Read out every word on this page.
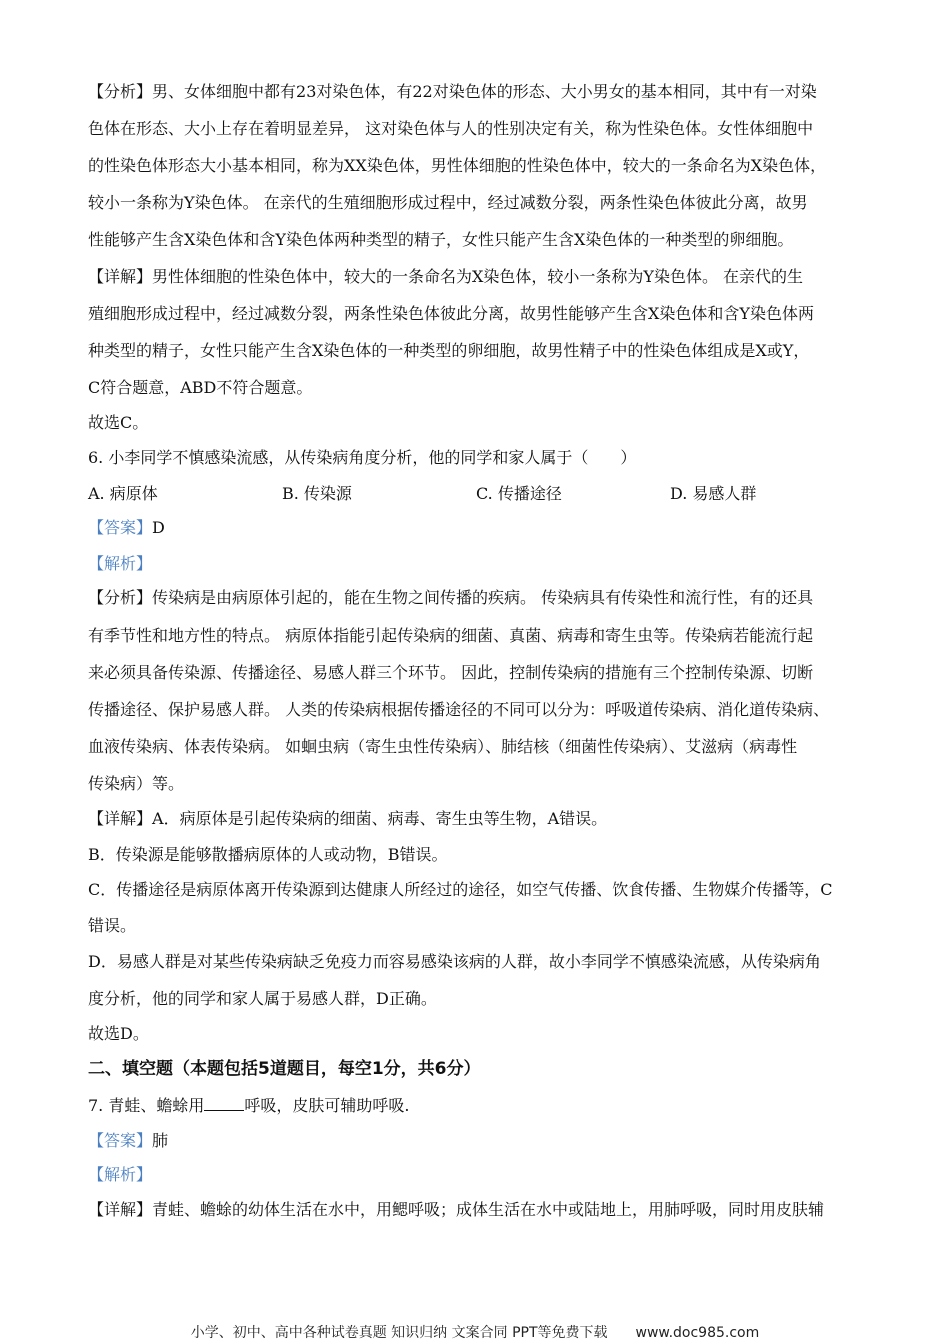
【分析】男、女体细胞中都有23对染色体，有22对染色体的形态、大小男女的基本相同，其中有一对染
色体在形态、大小上存在着明显差异， 这对染色体与人的性别决定有关，称为性染色体。女性体细胞中
的性染色体形态大小基本相同，称为XX染色体，男性体细胞的性染色体中，较大的一条命名为X染色体，
较小一条称为Y染色体。 在亲代的生殖细胞形成过程中，经过减数分裂，两条性染色体彼此分离，故男
性能够产生含X染色体和含Y染色体两种类型的精子，女性只能产生含X染色体的一种类型的卵细胞。
【详解】男性体细胞的性染色体中，较大的一条命名为X染色体，较小一条称为Y染色体。 在亲代的生
殖细胞形成过程中，经过减数分裂，两条性染色体彼此分离，故男性能够产生含X染色体和含Y染色体两
种类型的精子，女性只能产生含X染色体的一种类型的卵细胞，故男性精子中的性染色体组成是X或Y，
C符合题意，ABD不符合题意。
故选C。
6. 小李同学不慎感染流感，从传染病角度分析，他的同学和家人属于（　　）
A. 病原体	B. 传染源	C. 传播途径	D. 易感人群
【答案】D
【解析】
【分析】传染病是由病原体引起的，能在生物之间传播的疾病。 传染病具有传染性和流行性，有的还具
有季节性和地方性的特点。 病原体指能引起传染病的细菌、真菌、病毒和寄生虫等。传染病若能流行起
来必须具备传染源、传播途径、易感人群三个环节。 因此，控制传染病的措施有三个控制传染源、切断
传播途径、保护易感人群。 人类的传染病根据传播途径的不同可以分为：呼吸道传染病、消化道传染病、
血液传染病、体表传染病。 如蛔虫病（寄生虫性传染病）、肺结核（细菌性传染病）、艾滋病（病毒性
传染病）等。
【详解】A．病原体是引起传染病的细菌、病毒、寄生虫等生物，A错误。
B．传染源是能够散播病原体的人或动物，B错误。
C．传播途径是病原体离开传染源到达健康人所经过的途径，如空气传播、饮食传播、生物媒介传播等，C
错误。
D．易感人群是对某些传染病缺乏免疫力而容易感染该病的人群，故小李同学不慎感染流感，从传染病角
度分析，他的同学和家人属于易感人群，D正确。
故选D。
二、填空题（本题包括5道题目，每空1分，共6分）
7. 青蛙、蟾蜍用	呼吸，皮肤可辅助呼吸.
【答案】肺
【解析】
【详解】青蛙、蟾蜍的幼体生活在水中，用鳃呼吸；成体生活在水中或陆地上，用肺呼吸，同时用皮肤辅
小学、初中、高中各种试卷真题 知识归纳 文案合同 PPT等免费下载　　www.doc985.com
